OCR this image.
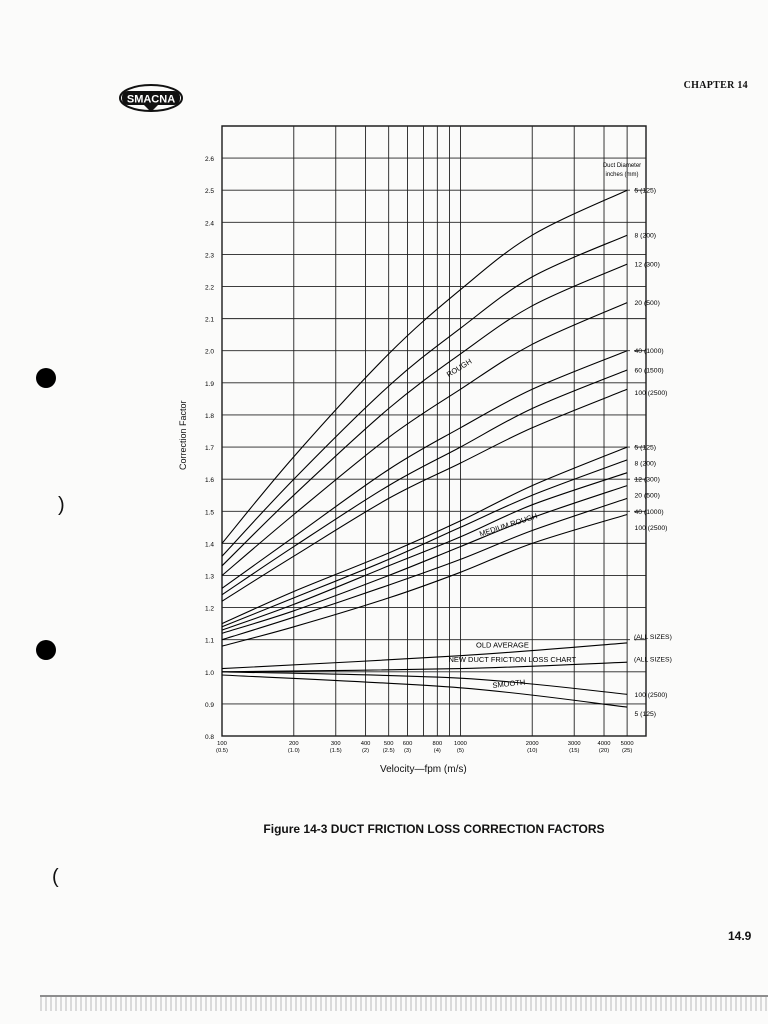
CHAPTER 14
SMACNA
)
(
0.8
0.9
1.0
1.1
1.2
1.3
1.4
1.5
1.6
1.7
1.8
1.9
2.0
2.1
2.2
2.3
2.4
2.5
2.6
100
(0.5)
200
(1.0)
300
(1.5)
400
(2)
500
(2.5)
600
(3)
800
(4)
1000
(5)
2000
(10)
3000
(15)
4000
(20)
5000
(25)
Duct Diameter
inches (mm)
5 (125)
8 (200)
12 (300)
20 (500)
40 (1000)
60 (1500)
100 (2500)
5 (125)
8 (200)
12 (300)
20 (500)
40 (1000)
100 (2500)
(ALL SIZES)
(ALL SIZES)
100 (2500)
5 (125)
ROUGH
MEDIUM ROUGH
OLD AVERAGE
NEW DUCT FRICTION LOSS CHART
SMOOTH
Correction Factor
Velocity—fpm (m/s)
Figure 14-3 DUCT FRICTION LOSS CORRECTION FACTORS
14.9
